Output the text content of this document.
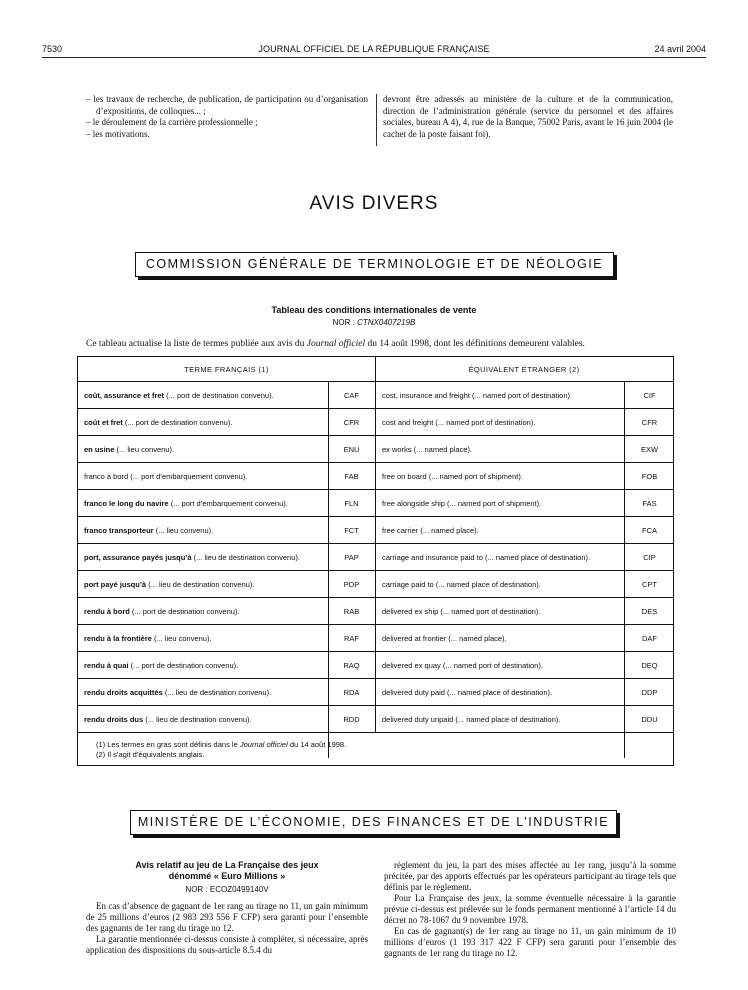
7530	JOURNAL OFFICIEL DE LA RÉPUBLIQUE FRANÇAISE	24 avril 2004
– les travaux de recherche, de publication, de participation ou d’organisation d’expositions, de colloques... ;
– le déroulement de la carrière professionnelle ;
– les motivations.
devront être adressés au ministère de la culture et de la communication, direction de l’administration générale (service du personnel et des affaires sociales, bureau A 4), 4, rue de la Banque, 75002 Paris, avant le 16 juin 2004 (le cachet de la poste faisant foi).
AVIS DIVERS
COMMISSION GÉNÉRALE DE TERMINOLOGIE ET DE NÉOLOGIE
Tableau des conditions internationales de vente
NOR : CTNX0407219B
Ce tableau actualise la liste de termes publiée aux avis du Journal officiel du 14 août 1998, dont les définitions demeurent valables.
TERME FRANÇAIS (1)	ÉQUIVALENT ÉTRANGER (2)
coût, assurance et fret (... port de destination convenu).	CAF	cost, insurance and freight (... named port of destination).	CIF
coût et fret (... port de destination convenu).	CFR	cost and freight (... named port of destination).	CFR
en usine (... lieu convenu).	ENU	ex works (... named place).	EXW
franco à bord (... port d’embarquement convenu).	FAB	free on board (... named port of shipment).	FOB
franco le long du navire (... port d’embarquement convenu).	FLN	free alongside ship (... named port of shipment).	FAS
franco transporteur (... lieu convenu).	FCT	free carrier (... named place).	FCA
port, assurance payés jusqu’à (... lieu de destination convenu).	PAP	carriage and insurance paid to (... named place of destination).	CIP
port payé jusqu’à (... lieu de destination convenu).	PDP	carriage paid to (... named place of destination).	CPT
rendu à bord (... port de destination convenu).	RAB	delivered ex ship (... named port of destination).	DES
rendu à la frontière (... lieu convenu).	RAF	delivered at frontier (... named place).	DAF
rendu à quai (... port de destination convenu).	RAQ	delivered ex quay (... named port of destination).	DEQ
rendu droits acquittés (... lieu de destination convenu).	RDA	delivered duty paid (... named place of destination).	DDP
rendu droits dus (... lieu de destination convenu).	RDD	delivered duty unpaid (... named place of destination).	DDU
(1) Les termes en gras sont définis dans le Journal officiel du 14 août 1998.
(2) Il s’agit d’équivalents anglais.
MINISTÈRE DE L’ÉCONOMIE, DES FINANCES ET DE L’INDUSTRIE
Avis relatif au jeu de La Française des jeux
dénommé « Euro Millions »
NOR : ECOZ0499140V

En cas d’absence de gagnant de 1er rang au tirage no 11, un gain minimum de 25 millions d’euros (2 983 293 556 F CFP) sera garanti pour l’ensemble des gagnants de 1er rang du tirage no 12.

La garantie mentionnée ci-dessus consiste à compléter, si nécessaire, après application des dispositions du sous-article 8.5.4 du

règlement du jeu, la part des mises affectée au 1er rang, jusqu’à la somme précitée, par des apports effectués par les opérateurs participant au tirage tels que définis par le règlement.

Pour La Française des jeux, la somme éventuelle nécessaire à la garantie prévue ci-dessus est prélevée sur le fonds permanent mentionné à l’article 14 du décret no 78-1067 du 9 novembre 1978.

En cas de gagnant(s) de 1er rang au tirage no 11, un gain minimum de 10 millions d’euros (1 193 317 422 F CFP) sera garanti pour l’ensemble des gagnants de 1er rang du tirage no 12.
